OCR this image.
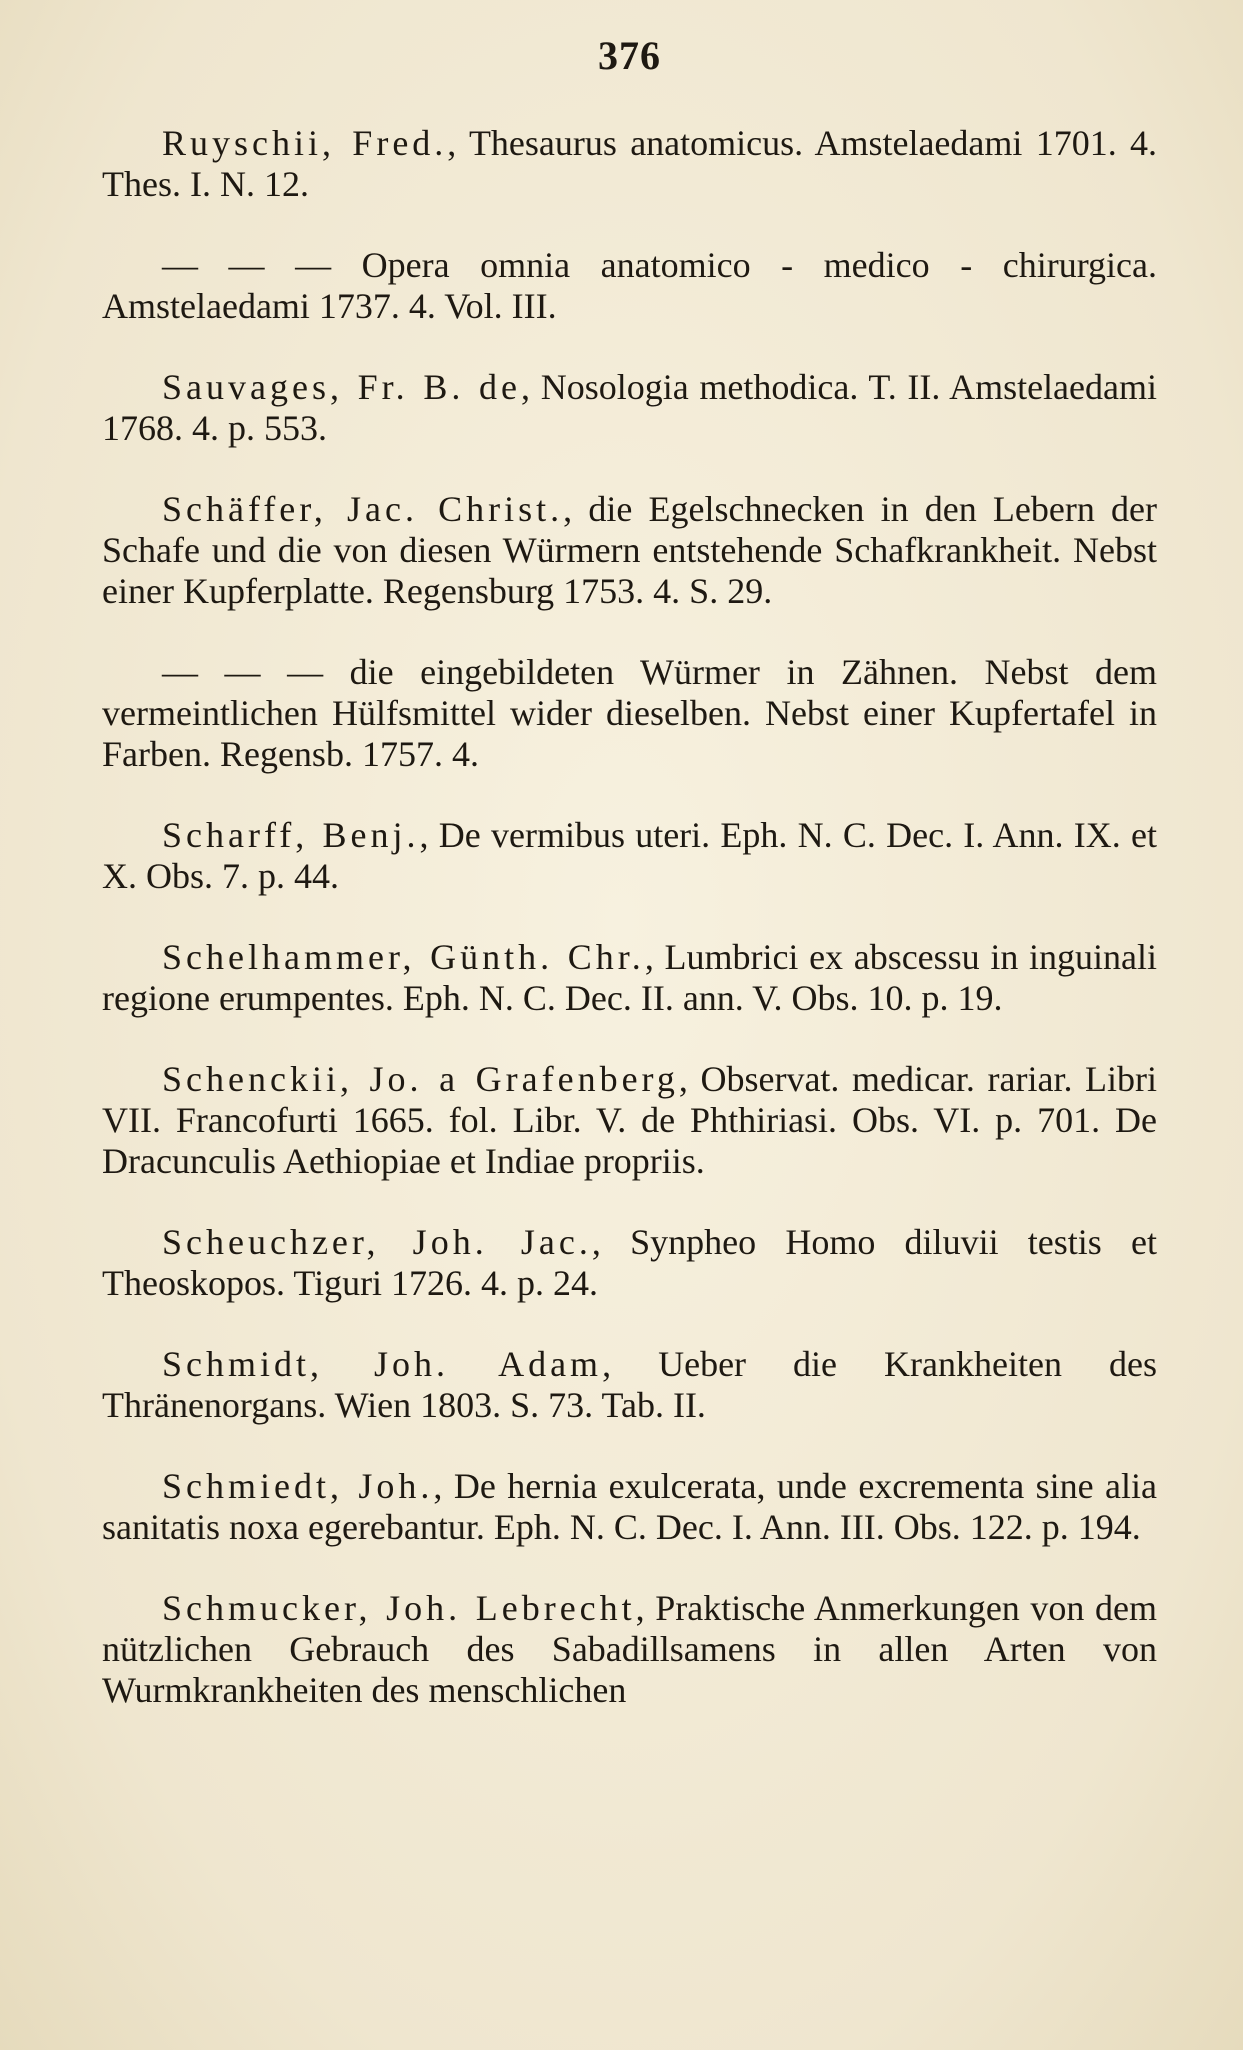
376

Ruyschii, Fred., Thesaurus anatomicus. Amstelaedami 1701. 4. Thes. I. N. 12.

— — — Opera omnia anatomico - medico - chirurgica. Amstelaedami 1737. 4. Vol. III.

Sauvages, Fr. B. de, Nosologia methodica. T. II. Amstelaedami 1768. 4. p. 553.

Schäffer, Jac. Christ., die Egelschnecken in den Lebern der Schafe und die von diesen Würmern entstehende Schafkrankheit. Nebst einer Kupferplatte. Regensburg 1753. 4. S. 29.

— — — die eingebildeten Würmer in Zähnen. Nebst dem vermeintlichen Hülfsmittel wider dieselben. Nebst einer Kupfertafel in Farben. Regensb. 1757. 4.

Scharff, Benj., De vermibus uteri. Eph. N. C. Dec. I. Ann. IX. et X. Obs. 7. p. 44.

Schelhammer, Günth. Chr., Lumbrici ex abscessu in inguinali regione erumpentes. Eph. N. C. Dec. II. ann. V. Obs. 10. p. 19.

Schenckii, Jo. a Grafenberg, Observat. medicar. rariar. Libri VII. Francofurti 1665. fol. Libr. V. de Phthiriasi. Obs. VI. p. 701. De Dracunculis Aethiopiae et Indiae propriis.

Scheuchzer, Joh. Jac., Synpheo Homo diluvii testis et Theoskopos. Tiguri 1726. 4. p. 24.

Schmidt, Joh. Adam, Ueber die Krankheiten des Thränenorgans. Wien 1803. S. 73. Tab. II.

Schmiedt, Joh., De hernia exulcerata, unde excrementa sine alia sanitatis noxa egerebantur. Eph. N. C. Dec. I. Ann. III. Obs. 122. p. 194.

Schmucker, Joh. Lebrecht, Praktische Anmerkungen von dem nützlichen Gebrauch des Sabadillsamens in allen Arten von Wurmkrankheiten des menschlichen
